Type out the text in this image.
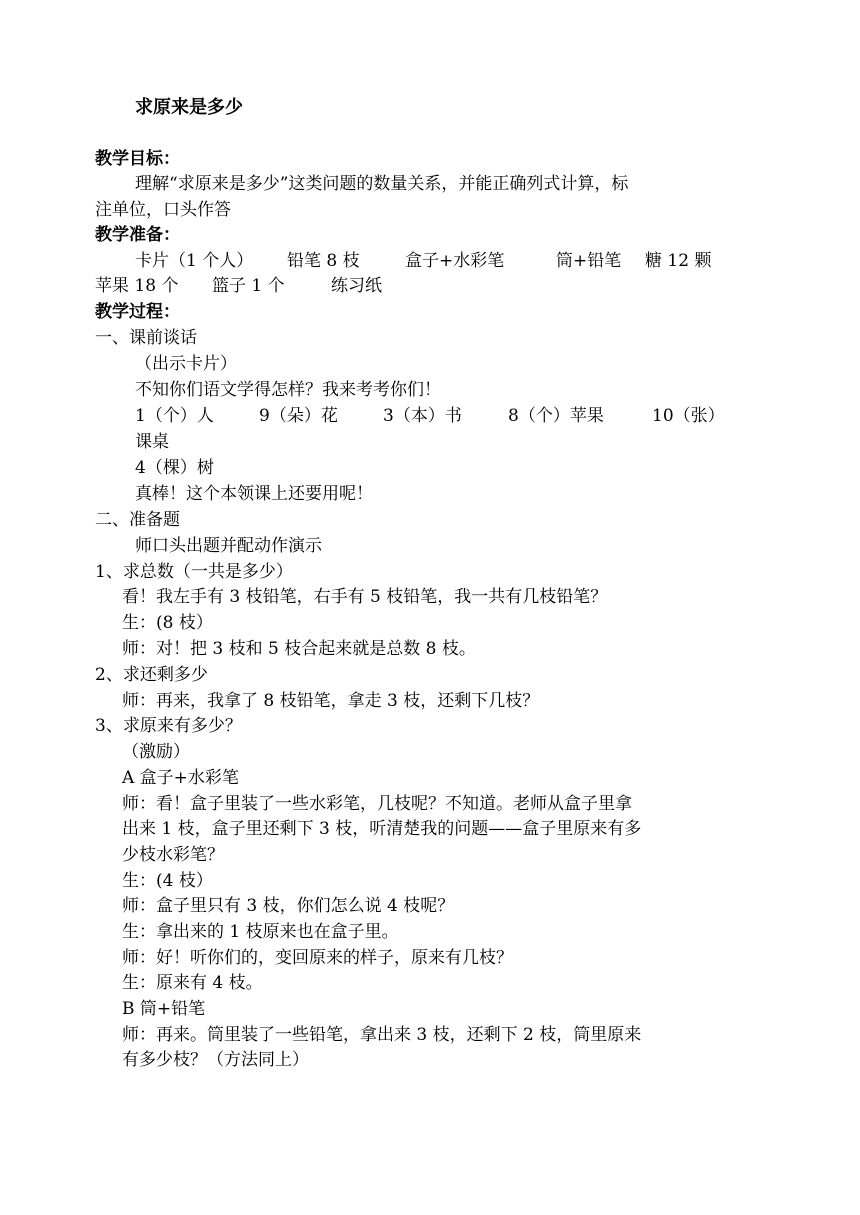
求原来是多少
教学目标：
理解“求原来是多少”这类问题的数量关系，并能正确列式计算，标
注单位，口头作答
教学准备：
卡片（1 个人） 铅笔 8 枝	盒子+水彩笔	筒+铅笔 糖 12 颗
苹果 18 个 篮子 1 个	练习纸
教学过程：
一、课前谈话
（出示卡片）
不知你们语文学得怎样？我来考考你们！
1（个）人	9（朵）花	3（本）书	8（个）苹果	10（张）
课桌
4（棵）树
真棒！这个本领课上还要用呢！
二、准备题
师口头出题并配动作演示
1、求总数（一共是多少）
看！我左手有 3 枝铅笔，右手有 5 枝铅笔，我一共有几枝铅笔？
生：(8 枝）
师：对！把 3 枝和 5 枝合起来就是总数 8 枝。
2、求还剩多少
师：再来，我拿了 8 枝铅笔，拿走 3 枝，还剩下几枝？
3、求原来有多少？
（激励）
A 盒子+水彩笔
师：看！盒子里装了一些水彩笔，几枝呢？不知道。老师从盒子里拿
出来 1 枝，盒子里还剩下 3 枝，听清楚我的问题——盒子里原来有多
少枝水彩笔？
生：(4 枝）
师：盒子里只有 3 枝，你们怎么说 4 枝呢？
生：拿出来的 1 枝原来也在盒子里。
师：好！听你们的，变回原来的样子，原来有几枝？
生：原来有 4 枝。
B 筒+铅笔
师：再来。筒里装了一些铅笔，拿出来 3 枝，还剩下 2 枝，筒里原来
有多少枝？（方法同上）
